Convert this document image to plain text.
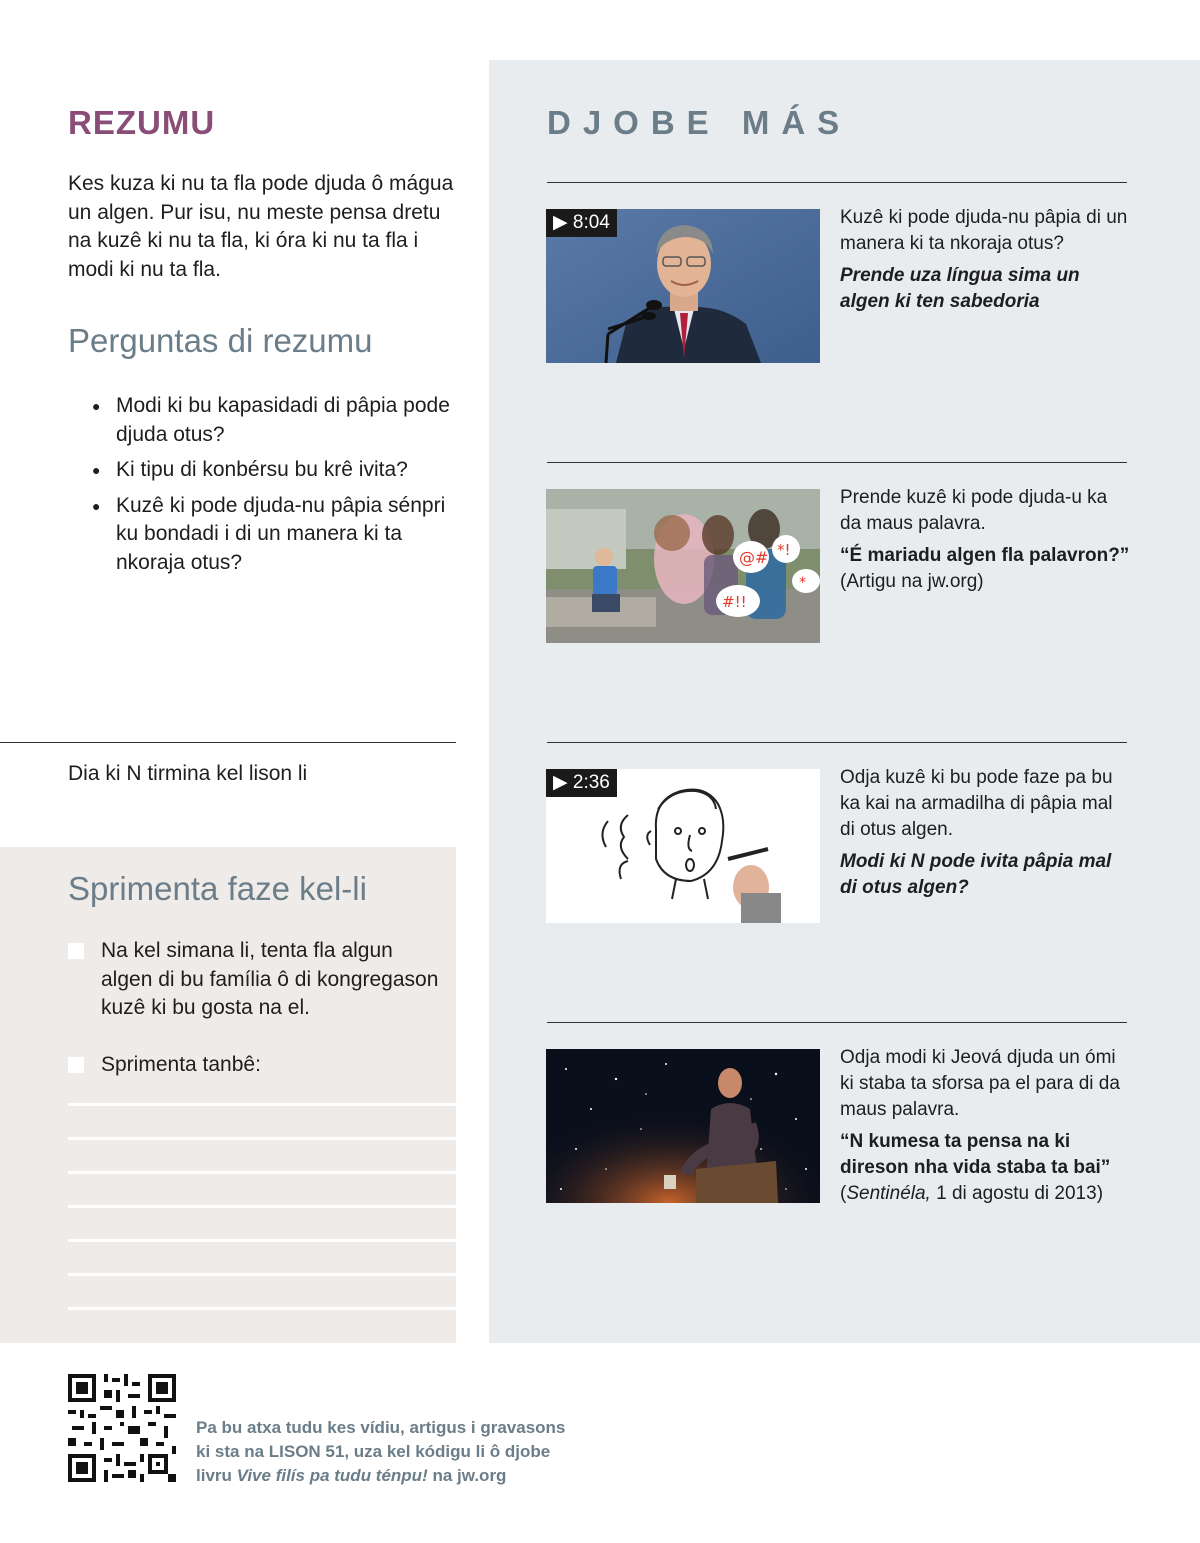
REZUMU
Kes kuza ki nu ta fla pode djuda ô mágua un algen. Pur isu, nu meste pensa dretu na kuzê ki nu ta fla, ki óra ki nu ta fla i modi ki nu ta fla.
Perguntas di rezumu
● Modi ki bu kapasidadi di pâpia pode djuda otus?
● Ki tipu di konbérsu bu krê ivita?
● Kuzê ki pode djuda-nu pâpia sénpri ku bondadi i di un manera ki ta nkoraja otus?
Dia ki N tirmina kel lison li
Sprimenta faze kel-li
Na kel simana li, tenta fla algun algen di bu família ô di kongregason kuzê ki bu gosta na el.
Sprimenta tanbê:
DJOBE MÁS
▶ 8:04	Kuzê ki pode djuda-nu pâpia di un manera ki ta nkoraja otus?

Prende uza língua sima un algen ki ten sabedoria

@# *!
#!!
*

Prende kuzê ki pode djuda-u ka da maus palavra.

“É mariadu algen fla palavron?”

(Artigu na jw.org)

▶ 2:36	Odja kuzê ki bu pode faze pa bu ka kai na armadilha di pâpia mal di otus algen.

Modi ki N pode ivita pâpia mal di otus algen?

Odja modi ki Jeová djuda un ómi ki staba ta sforsa pa el para di da maus palavra.

“N kumesa ta pensa na ki direson nha vida staba ta bai”

(Sentinéla, 1 di agostu di 2013)

Pa bu atxa tudu kes vídiu, artigus i gravasons
ki sta na LISON 51, uza kel kódigu li ô djobe
livru Vive filís pa tudu ténpu! na jw.org
